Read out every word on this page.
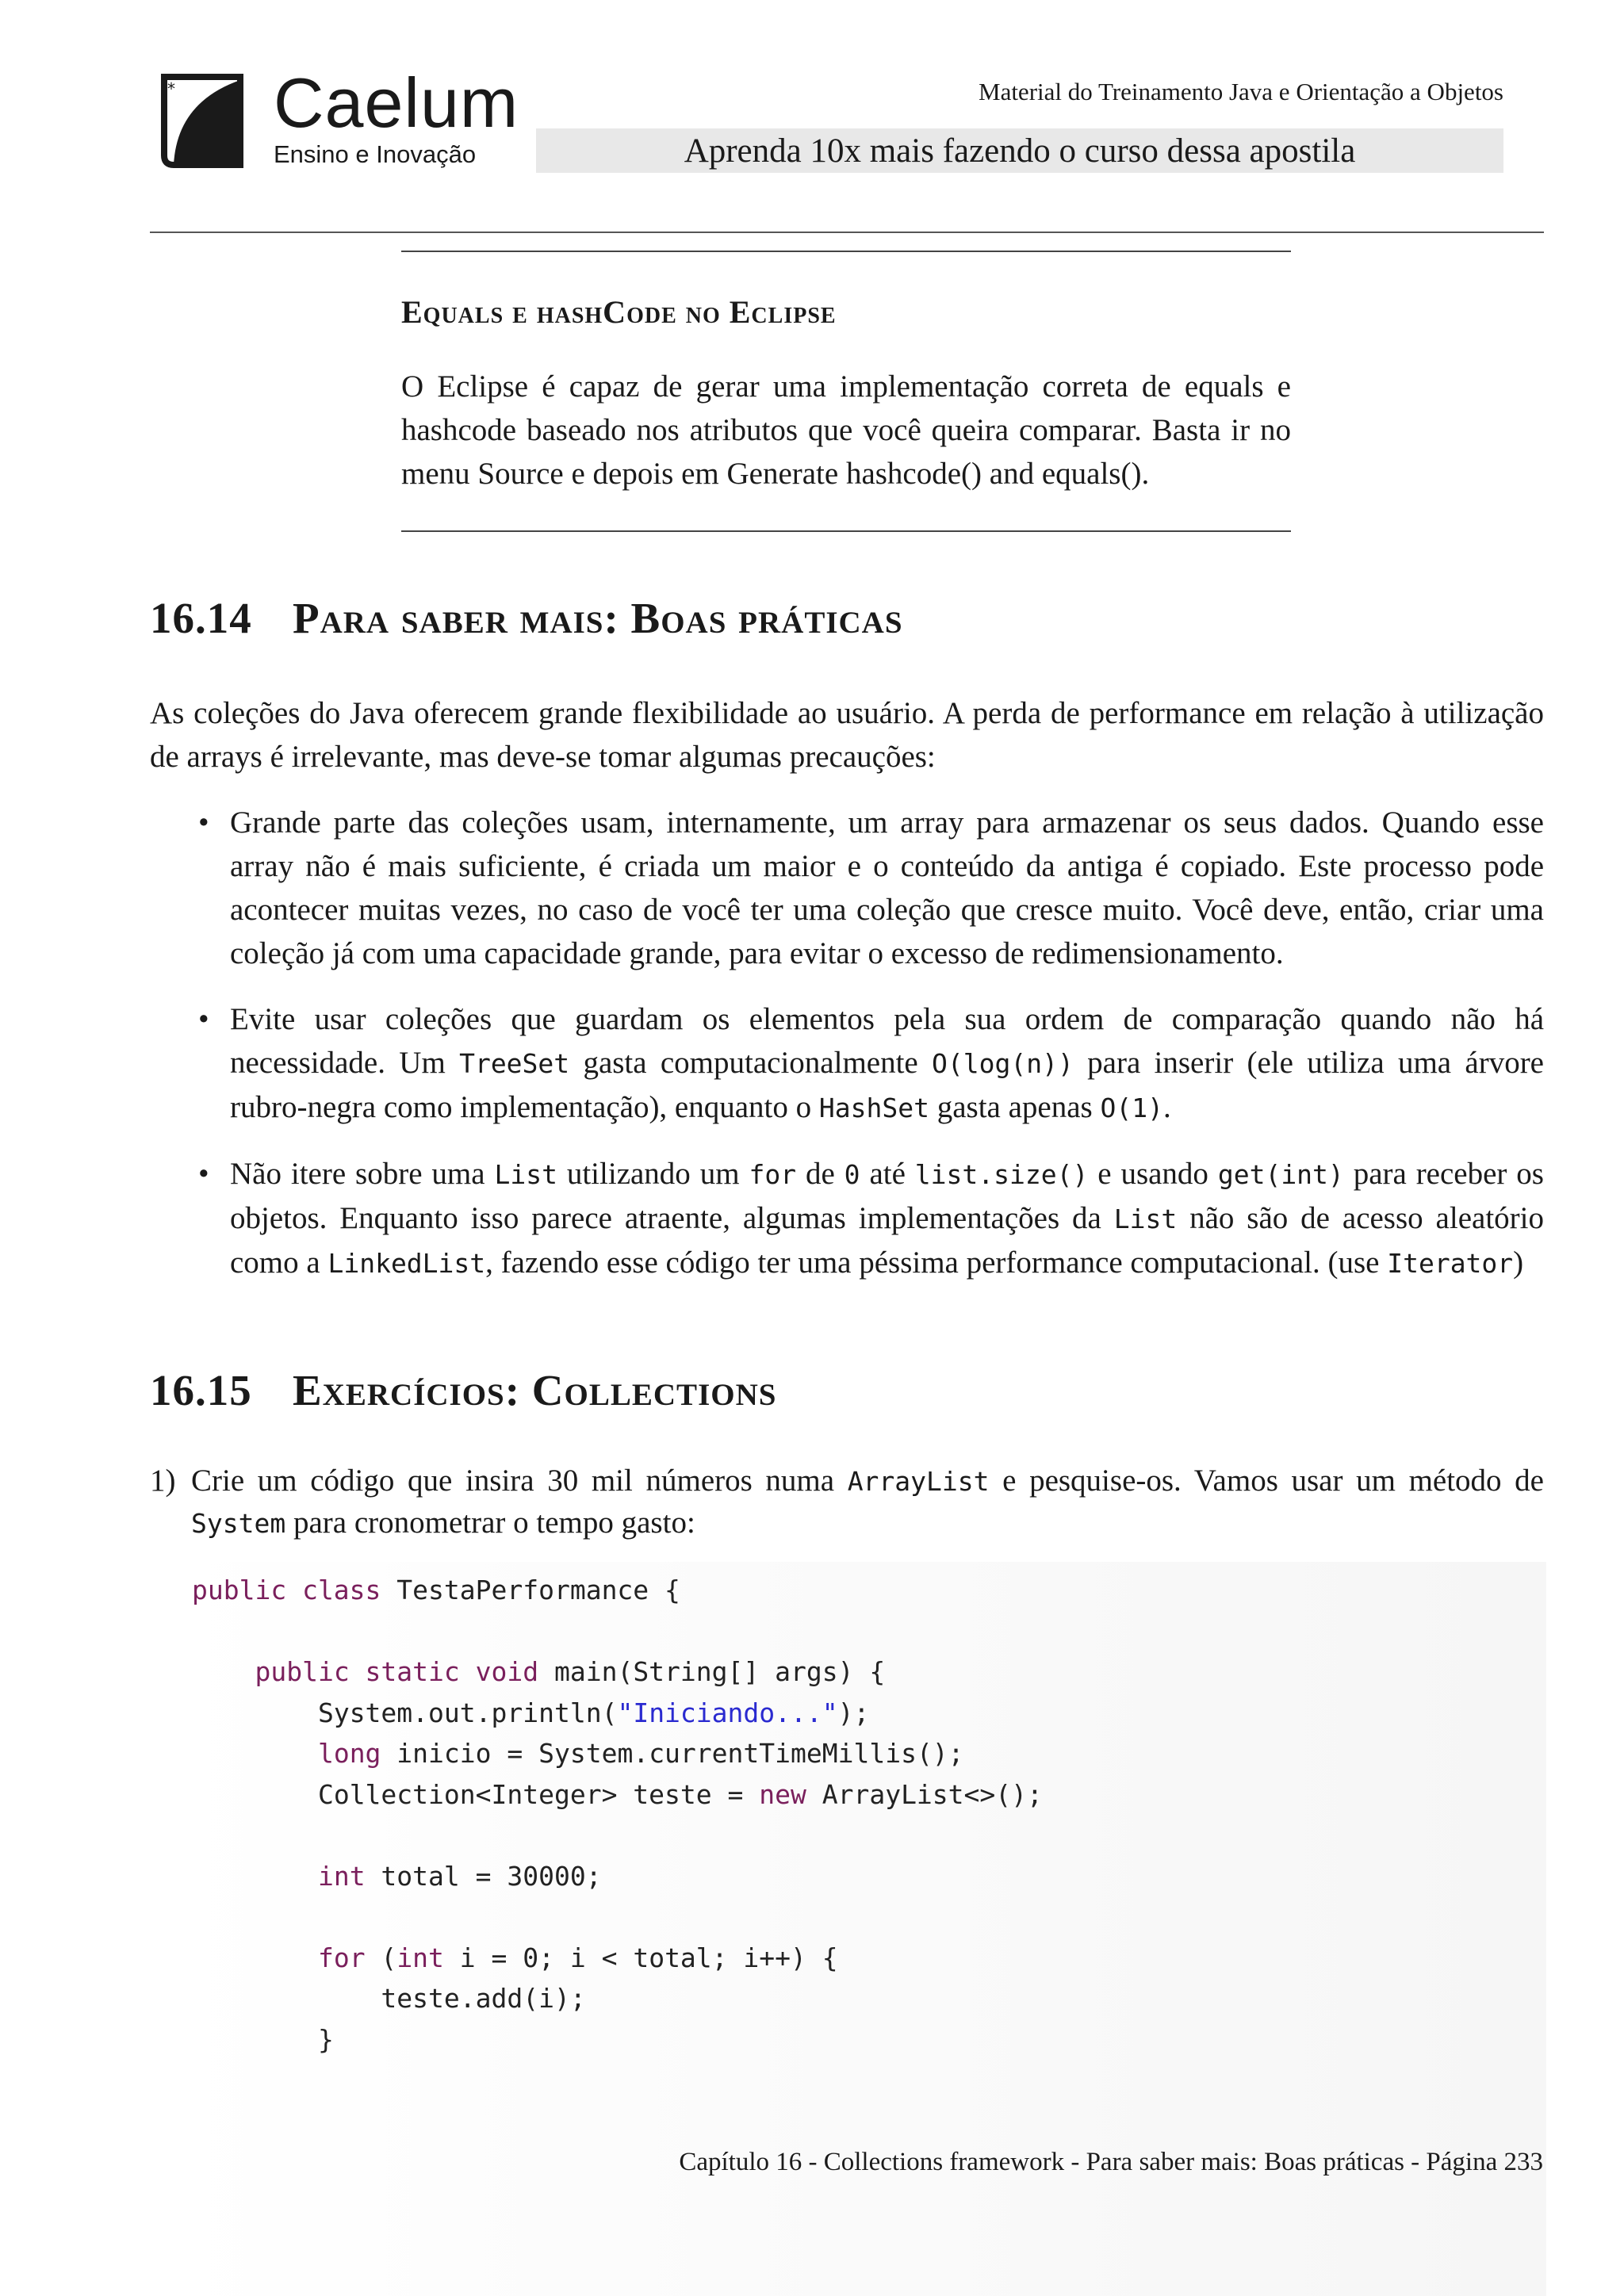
* Caelum
Ensino e Inovação
Material do Treinamento Java e Orientação a Objetos
Aprenda 10x mais fazendo o curso dessa apostila
Equals e hashCode no Eclipse
O Eclipse é capaz de gerar uma implementação correta de equals e hashcode baseado nos atributos que você queira comparar. Basta ir no menu Source e depois em Generate hashcode() and equals().
16.14 Para saber mais: Boas práticas
As coleções do Java oferecem grande flexibilidade ao usuário. A perda de performance em relação à utilização de arrays é irrelevante, mas deve-se tomar algumas precauções:
• Grande parte das coleções usam, internamente, um array para armazenar os seus dados. Quando esse array não é mais suficiente, é criada um maior e o conteúdo da antiga é copiado. Este processo pode acontecer muitas vezes, no caso de você ter uma coleção que cresce muito. Você deve, então, criar uma coleção já com uma capacidade grande, para evitar o excesso de redimensionamento.
• Evite usar coleções que guardam os elementos pela sua ordem de comparação quando não há necessidade. Um TreeSet gasta computacionalmente O(log(n)) para inserir (ele utiliza uma árvore rubro-negra como implementação), enquanto o HashSet gasta apenas O(1).
• Não itere sobre uma List utilizando um for de 0 até list.size() e usando get(int) para receber os objetos. Enquanto isso parece atraente, algumas implementações da List não são de acesso aleatório como a LinkedList, fazendo esse código ter uma péssima performance computacional. (use Iterator)
16.15 Exercícios: Collections
1) Crie um código que insira 30 mil números numa ArrayList e pesquise-os. Vamos usar um método de System para cronometrar o tempo gasto:
public class TestaPerformance {

public static void main(String[] args) {
System.out.println("Iniciando...");
long inicio = System.currentTimeMillis();
Collection<Integer> teste = new ArrayList<>();

int total = 30000;

for (int i = 0; i < total; i++) {
teste.add(i);
}
Capítulo 16 - Collections framework - Para saber mais: Boas práticas - Página 233
